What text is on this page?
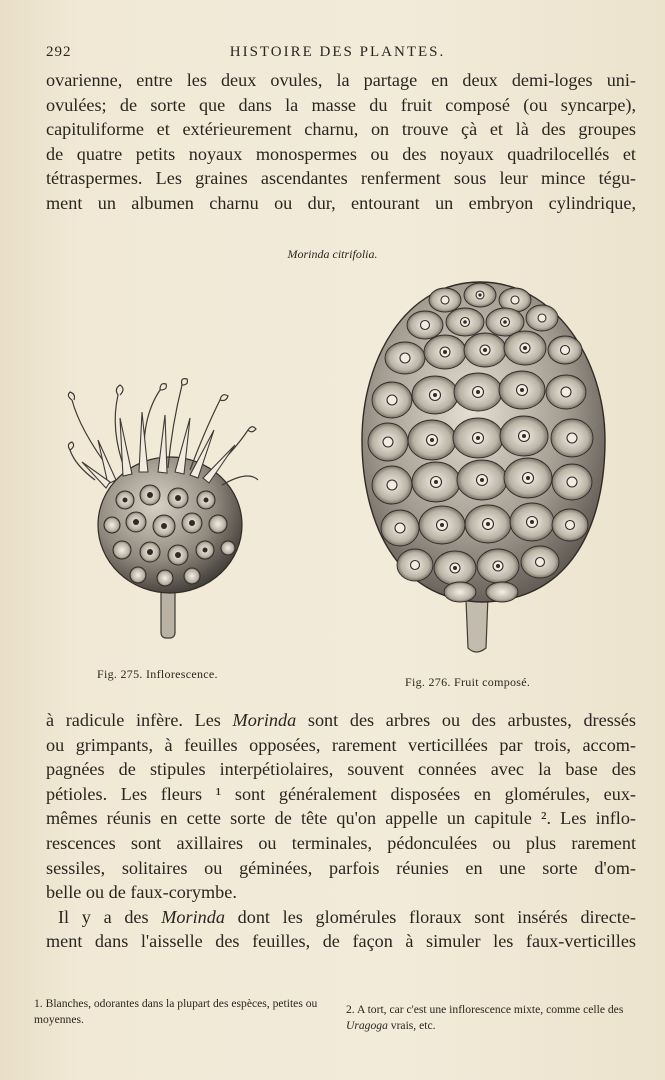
292	HISTOIRE DES PLANTES.
ovarienne, entre les deux ovules, la partage en deux demi-loges uni-
ovulées; de sorte que dans la masse du fruit composé (ou syncarpe),
capituliforme et extérieurement charnu, on trouve çà et là des groupes
de quatre petits noyaux monospermes ou des noyaux quadrilocellés et
tétraspermes. Les graines ascendantes renferment sous leur mince tégu-
ment un albumen charnu ou dur, entourant un embryon cylindrique,
Morinda citrifolia.
Fig. 275. Inflorescence.
Fig. 276. Fruit composé.
à radicule infère. Les Morinda sont des arbres ou des arbustes, dressés
ou grimpants, à feuilles opposées, rarement verticillées par trois, accom-
pagnées de stipules interpétiolaires, souvent connées avec la base des
pétioles. Les fleurs ¹ sont généralement disposées en glomérules, eux-
mêmes réunis en cette sorte de tête qu'on appelle un capitule ². Les inflo-
rescences sont axillaires ou terminales, pédonculées ou plus rarement
sessiles, solitaires ou géminées, parfois réunies en une sorte d'om-
belle ou de faux-corymbe.
Il y a des Morinda dont les glomérules floraux sont insérés directe-
ment dans l'aisselle des feuilles, de façon à simuler les faux-verticilles
1. Blanches, odorantes dans la plupart des espèces, petites ou moyennes.
2. A tort, car c'est une inflorescence mixte, comme celle des Uragoga vrais, etc.
